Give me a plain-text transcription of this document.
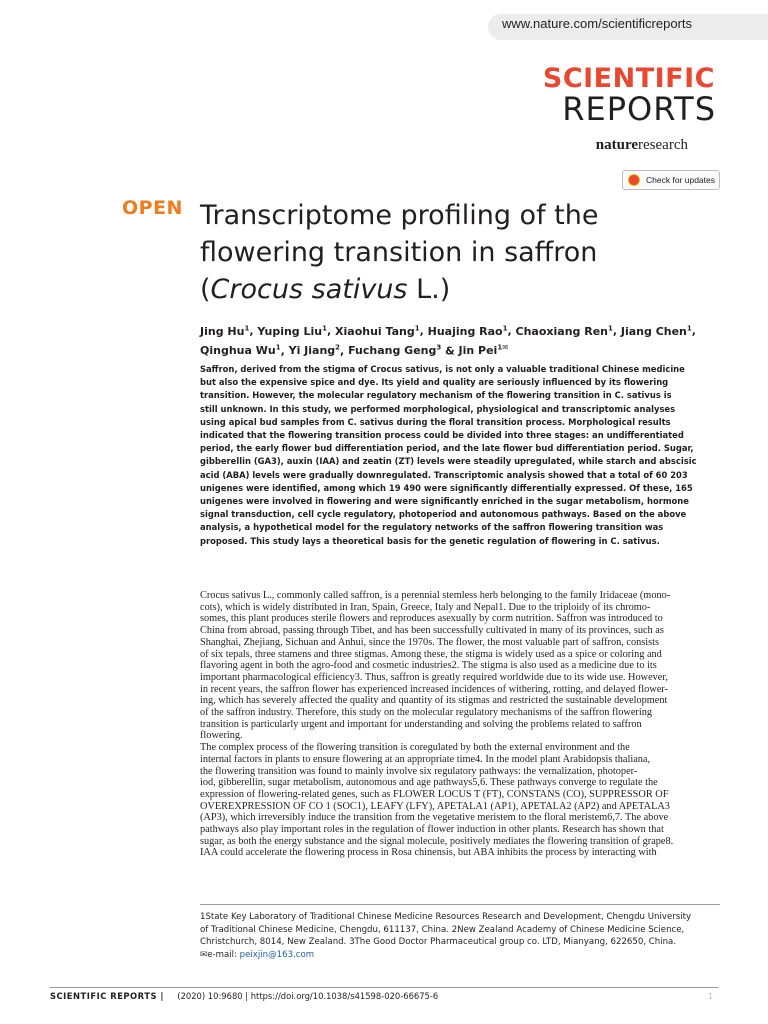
www.nature.com/scientificreports
SCIENTIFIC
REPORTS
natureresearch
Check for updates
OPEN Transcriptome profiling of the
flowering transition in saffron
(Crocus sativus L.)
Jing Hu$^1$, Yuping Liu$^1$, Xiaohui Tang$^1$, Huajing Rao$^1$, Chaoxiang Ren$^1$, Jiang Chen$^1$,
Qinghua Wu$^1$, Yi Jiang$^2$, Fuchang Geng$^3$ & Jin Pei$^{1✉}$
Saffron, derived from the stigma of Crocus sativus, is not only a valuable traditional Chinese medicine
but also the expensive spice and dye. Its yield and quality are seriously influenced by its flowering
transition. However, the molecular regulatory mechanism of the flowering transition in C. sativus is
still unknown. In this study, we performed morphological, physiological and transcriptomic analyses
using apical bud samples from C. sativus during the floral transition process. Morphological results
indicated that the flowering transition process could be divided into three stages: an undifferentiated
period, the early flower bud differentiation period, and the late flower bud differentiation period. Sugar,
gibberellin (GA3), auxin (IAA) and zeatin (ZT) levels were steadily upregulated, while starch and abscisic
acid (ABA) levels were gradually downregulated. Transcriptomic analysis showed that a total of 60 203
unigenes were identified, among which 19 490 were significantly differentially expressed. Of these, 165
unigenes were involved in flowering and were significantly enriched in the sugar metabolism, hormone
signal transduction, cell cycle regulatory, photoperiod and autonomous pathways. Based on the above
analysis, a hypothetical model for the regulatory networks of the saffron flowering transition was
proposed. This study lays a theoretical basis for the genetic regulation of flowering in C. sativus.
Crocus sativus L., commonly called saffron, is a perennial stemless herb belonging to the family Iridaceae (mono-
cots), which is widely distributed in Iran, Spain, Greece, Italy and Nepal1. Due to the triploidy of its chromo-
somes, this plant produces sterile flowers and reproduces asexually by corm nutrition. Saffron was introduced to
China from abroad, passing through Tibet, and has been successfully cultivated in many of its provinces, such as
Shanghai, Zhejiang, Sichuan and Anhui, since the 1970s. The flower, the most valuable part of saffron, consists
of six tepals, three stamens and three stigmas. Among these, the stigma is widely used as a spice or coloring and
flavoring agent in both the agro-food and cosmetic industries2. The stigma is also used as a medicine due to its
important pharmacological efficiency3. Thus, saffron is greatly required worldwide due to its wide use. However,
in recent years, the saffron flower has experienced increased incidences of withering, rotting, and delayed flower-
ing, which has severely affected the quality and quantity of its stigmas and restricted the sustainable development
of the saffron industry. Therefore, this study on the molecular regulatory mechanisms of the saffron flowering
transition is particularly urgent and important for understanding and solving the problems related to saffron
flowering.
The complex process of the flowering transition is coregulated by both the external environment and the
internal factors in plants to ensure flowering at an appropriate time4. In the model plant Arabidopsis thaliana,
the flowering transition was found to mainly involve six regulatory pathways: the vernalization, photoper-
iod, gibberellin, sugar metabolism, autonomous and age pathways5,6. These pathways converge to regulate the
expression of flowering-related genes, such as FLOWER LOCUS T (FT), CONSTANS (CO), SUPPRESSOR OF
OVEREXPRESSION OF CO 1 (SOC1), LEAFY (LFY), APETALA1 (AP1), APETALA2 (AP2) and APETALA3
(AP3), which irreversibly induce the transition from the vegetative meristem to the floral meristem6,7. The above
pathways also play important roles in the regulation of flower induction in other plants. Research has shown that
sugar, as both the energy substance and the signal molecule, positively mediates the flowering transition of grape8.
IAA could accelerate the flowering process in Rosa chinensis, but ABA inhibits the process by interacting with
1State Key Laboratory of Traditional Chinese Medicine Resources Research and Development, Chengdu University
of Traditional Chinese Medicine, Chengdu, 611137, China. 2New Zealand Academy of Chinese Medicine Science,
Christchurch, 8014, New Zealand. 3The Good Doctor Pharmaceutical group co. LTD, Mianyang, 622650, China.
✉e-mail: peixjin@163.com
SCIENTIFIC REPORTS | (2020) 10:9680 | https://doi.org/10.1038/s41598-020-66675-6	1
